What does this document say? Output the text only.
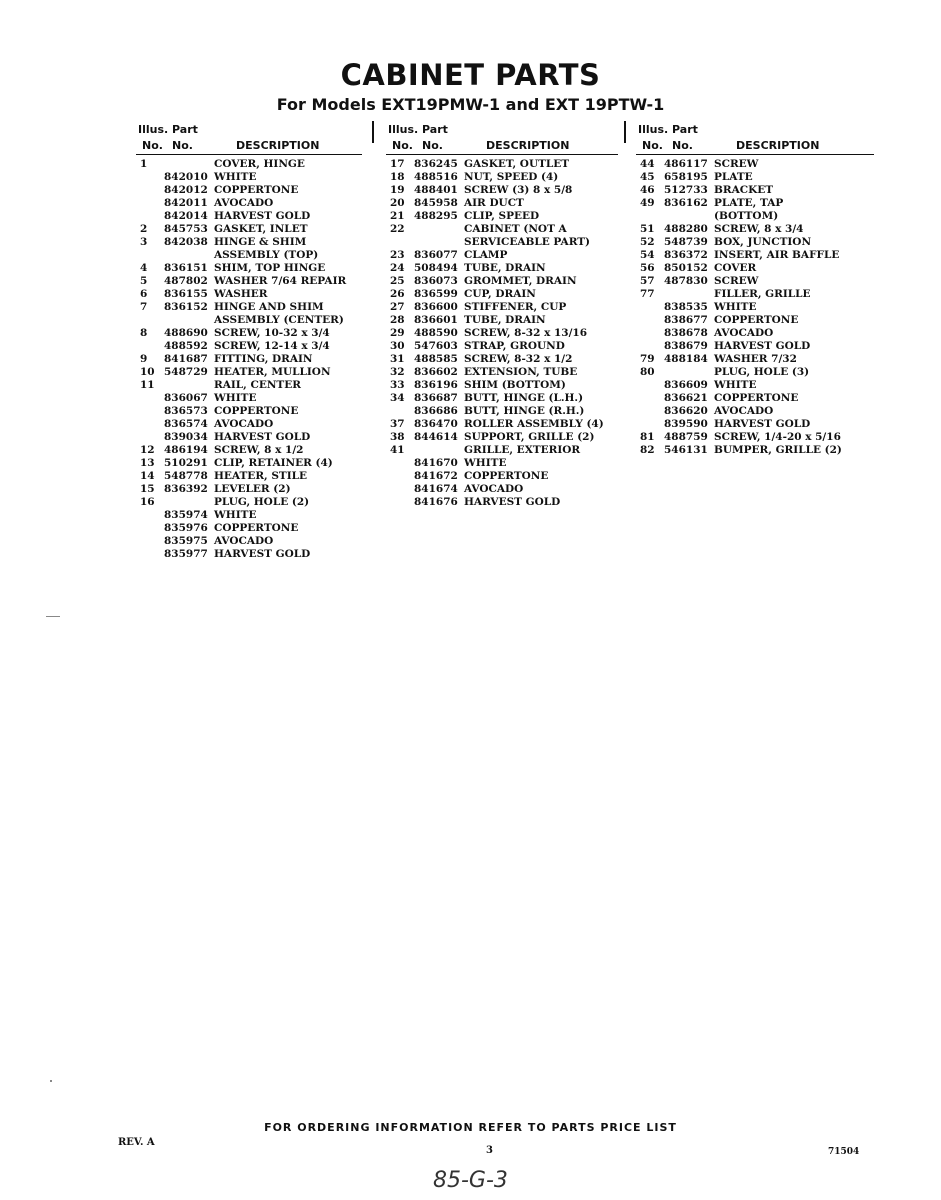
CABINET PARTS
For Models EXT19PMW-1 and EXT 19PTW-1
Illus. Part
No. No.	DESCRIPTION
1	COVER, HINGE
842010 WHITE
842012 COPPERTONE
842011 AVOCADO
842014 HARVEST GOLD
2 845753 GASKET, INLET
3 842038 HINGE & SHIM
ASSEMBLY (TOP)
4 836151 SHIM, TOP HINGE
5 487802 WASHER 7/64 REPAIR
6 836155 WASHER
7 836152 HINGE AND SHIM
ASSEMBLY (CENTER)
8 488690 SCREW, 10-32 x 3/4
488592 SCREW, 12-14 x 3/4
9 841687 FITTING, DRAIN
10 548729 HEATER, MULLION
11	RAIL, CENTER
836067 WHITE
836573 COPPERTONE
836574 AVOCADO
839034 HARVEST GOLD
12 486194 SCREW, 8 x 1/2
13 510291 CLIP, RETAINER (4)
14 548778 HEATER, STILE
15 836392 LEVELER (2)
16	PLUG, HOLE (2)
835974 WHITE
835976 COPPERTONE
835975 AVOCADO
835977 HARVEST GOLD
Illus. Part
No. No.	DESCRIPTION
17 836245 GASKET, OUTLET
18 488516 NUT, SPEED (4)
19 488401 SCREW (3) 8 x 5/8
20 845958 AIR DUCT
21 488295 CLIP, SPEED
22	CABINET (NOT A
SERVICEABLE PART)
23 836077 CLAMP
24 508494 TUBE, DRAIN
25 836073 GROMMET, DRAIN
26 836599 CUP, DRAIN
27 836600 STIFFENER, CUP
28 836601 TUBE, DRAIN
29 488590 SCREW, 8-32 x 13/16
30 547603 STRAP, GROUND
31 488585 SCREW, 8-32 x 1/2
32 836602 EXTENSION, TUBE
33 836196 SHIM (BOTTOM)
34 836687 BUTT, HINGE (L.H.)
836686 BUTT, HINGE (R.H.)
37 836470 ROLLER ASSEMBLY (4)
38 844614 SUPPORT, GRILLE (2)
41	GRILLE, EXTERIOR
841670 WHITE
841672 COPPERTONE
841674 AVOCADO
841676 HARVEST GOLD
Illus. Part
No. No.	DESCRIPTION
44 486117 SCREW
45 658195 PLATE
46 512733 BRACKET
49 836162 PLATE, TAP
(BOTTOM)
51 488280 SCREW, 8 x 3/4
52 548739 BOX, JUNCTION
54 836372 INSERT, AIR BAFFLE
56 850152 COVER
57 487830 SCREW
77	FILLER, GRILLE
838535 WHITE
838677 COPPERTONE
838678 AVOCADO
838679 HARVEST GOLD
79 488184 WASHER 7/32
80	PLUG, HOLE (3)
836609 WHITE
836621 COPPERTONE
836620 AVOCADO
839590 HARVEST GOLD
81 488759 SCREW, 1/4-20 x 5/16
82 546131 BUMPER, GRILLE (2)
FOR ORDERING INFORMATION REFER TO PARTS PRICE LIST
REV. A
3	71504
85-G-3
